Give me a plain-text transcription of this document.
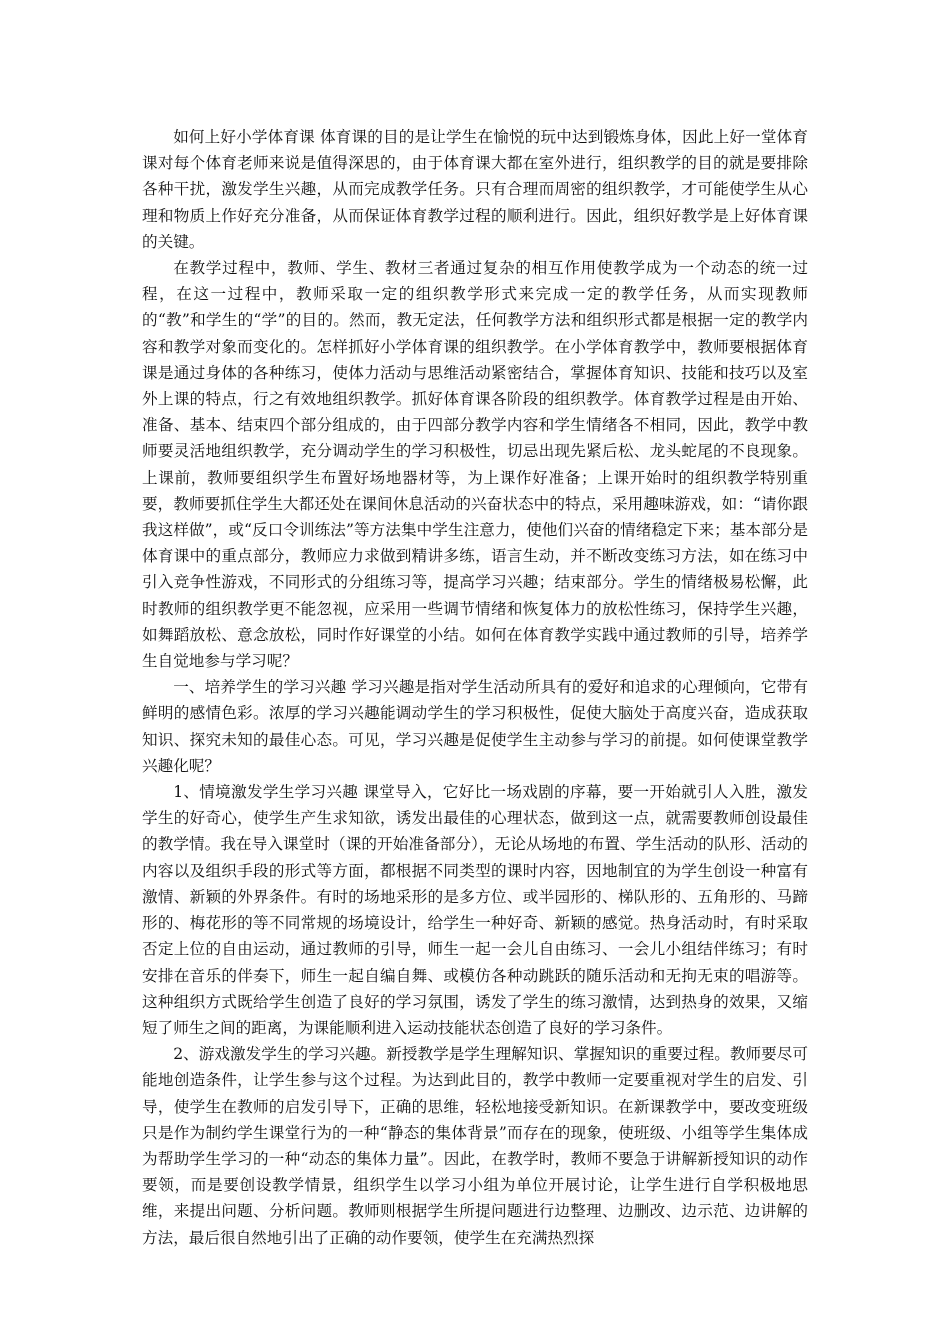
如何上好小学体育课 体育课的目的是让学生在愉悦的玩中达到锻炼身体，因此上好一堂体育课对每个体育老师来说是值得深思的，由于体育课大都在室外进行，组织教学的目的就是要排除各种干扰，激发学生兴趣，从而完成教学任务。只有合理而周密的组织教学，才可能使学生从心理和物质上作好充分准备，从而保证体育教学过程的顺利进行。因此，组织好教学是上好体育课的关键。

在教学过程中，教师、学生、教材三者通过复杂的相互作用使教学成为一个动态的统一过程，在这一过程中，教师采取一定的组织教学形式来完成一定的教学任务，从而实现教师的“教”和学生的“学”的目的。然而，教无定法，任何教学方法和组织形式都是根据一定的教学内容和教学对象而变化的。怎样抓好小学体育课的组织教学。在小学体育教学中，教师要根据体育课是通过身体的各种练习，使体力活动与思维活动紧密结合，掌握体育知识、技能和技巧以及室外上课的特点，行之有效地组织教学。抓好体育课各阶段的组织教学。体育教学过程是由开始、准备、基本、结束四个部分组成的，由于四部分教学内容和学生情绪各不相同，因此，教学中教师要灵活地组织教学，充分调动学生的学习积极性，切忌出现先紧后松、龙头蛇尾的不良现象。上课前，教师要组织学生布置好场地器材等，为上课作好准备；上课开始时的组织教学特别重要，教师要抓住学生大都还处在课间休息活动的兴奋状态中的特点，采用趣味游戏，如：“请你跟我这样做”，或“反口令训练法”等方法集中学生注意力，使他们兴奋的情绪稳定下来；基本部分是体育课中的重点部分，教师应力求做到精讲多练，语言生动，并不断改变练习方法，如在练习中引入竞争性游戏，不同形式的分组练习等，提高学习兴趣；结束部分。学生的情绪极易松懈，此时教师的组织教学更不能忽视，应采用一些调节情绪和恢复体力的放松性练习，保持学生兴趣，如舞蹈放松、意念放松，同时作好课堂的小结。如何在体育教学实践中通过教师的引导，培养学生自觉地参与学习呢？

一、培养学生的学习兴趣 学习兴趣是指对学生活动所具有的爱好和追求的心理倾向，它带有鲜明的感情色彩。浓厚的学习兴趣能调动学生的学习积极性，促使大脑处于高度兴奋，造成获取知识、探究未知的最佳心态。可见，学习兴趣是促使学生主动参与学习的前提。如何使课堂教学兴趣化呢？

1、情境激发学生学习兴趣 课堂导入，它好比一场戏剧的序幕，要一开始就引人入胜，激发学生的好奇心，使学生产生求知欲，诱发出最佳的心理状态，做到这一点，就需要教师创设最佳的教学情。我在导入课堂时（课的开始准备部分），无论从场地的布置、学生活动的队形、活动的内容以及组织手段的形式等方面，都根据不同类型的课时内容，因地制宜的为学生创设一种富有激情、新颖的外界条件。有时的场地采形的是多方位、或半园形的、梯队形的、五角形的、马蹄形的、梅花形的等不同常规的场境设计，给学生一种好奇、新颖的感觉。热身活动时，有时采取否定上位的自由运动，通过教师的引导，师生一起一会儿自由练习、一会儿小组结伴练习；有时安排在音乐的伴奏下，师生一起自编自舞、或模仿各种动跳跃的随乐活动和无拘无束的唱游等。这种组织方式既给学生创造了良好的学习氛围，诱发了学生的练习激情，达到热身的效果，又缩短了师生之间的距离，为课能顺利进入运动技能状态创造了良好的学习条件。

2、游戏激发学生的学习兴趣。新授教学是学生理解知识、掌握知识的重要过程。教师要尽可能地创造条件，让学生参与这个过程。为达到此目的，教学中教师一定要重视对学生的启发、引导，使学生在教师的启发引导下，正确的思维，轻松地接受新知识。在新课教学中，要改变班级只是作为制约学生课堂行为的一种“静态的集体背景”而存在的现象，使班级、小组等学生集体成为帮助学生学习的一种“动态的集体力量”。因此，在教学时，教师不要急于讲解新授知识的动作要领，而是要创设教学情景，组织学生以学习小组为单位开展讨论，让学生进行自学积极地思维，来提出问题、分析问题。教师则根据学生所提问题进行边整理、边删改、边示范、边讲解的方法，最后很自然地引出了正确的动作要领，使学生在充满热烈探
